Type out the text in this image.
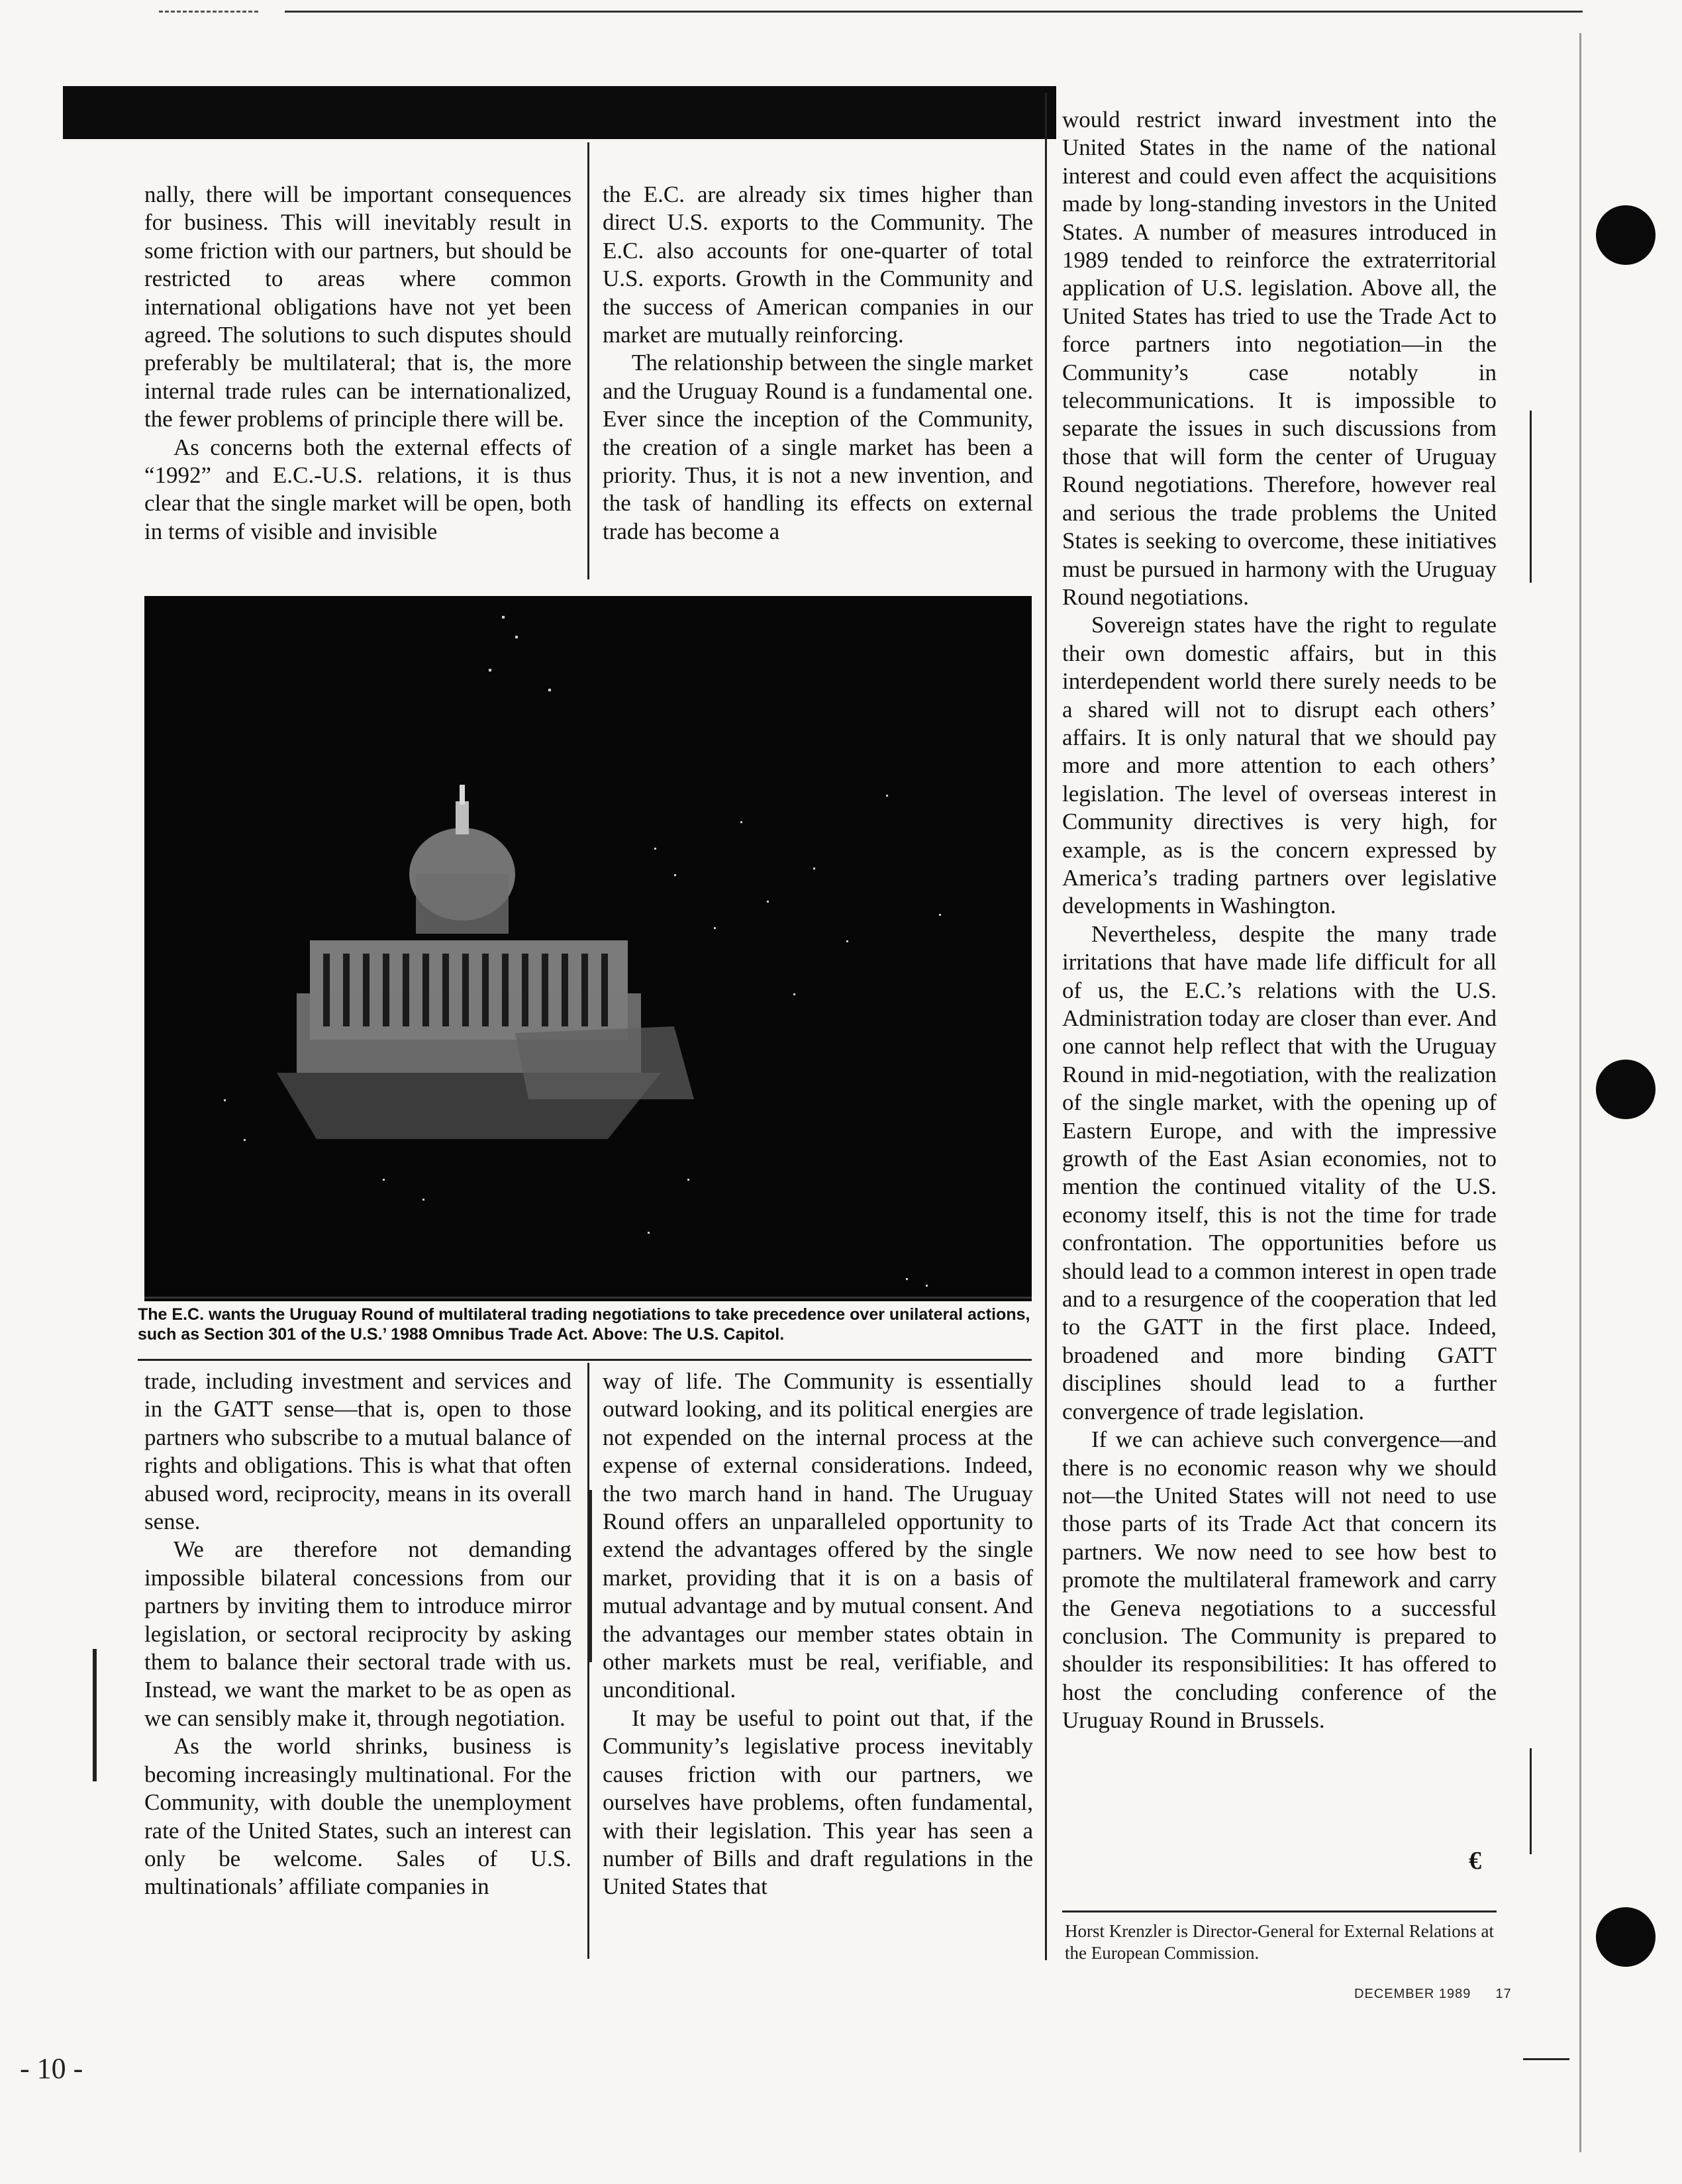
nally, there will be important consequences for business. This will inevitably result in some friction with our partners, but should be restricted to areas where common international obligations have not yet been agreed. The solutions to such disputes should preferably be multilateral; that is, the more internal trade rules can be internationalized, the fewer problems of principle there will be.

As concerns both the external effects of “1992” and E.C.-U.S. relations, it is thus clear that the single market will be open, both in terms of visible and invisible

the E.C. are already six times higher than direct U.S. exports to the Community. The E.C. also accounts for one-quarter of total U.S. exports. Growth in the Community and the success of American companies in our market are mutually reinforcing.

The relationship between the single market and the Uruguay Round is a fundamental one. Ever since the inception of the Community, the creation of a single market has been a priority. Thus, it is not a new invention, and the task of handling its effects on external trade has become a

would restrict inward investment into the United States in the name of the national interest and could even affect the acquisitions made by long-standing investors in the United States. A number of measures introduced in 1989 tended to reinforce the extraterritorial application of U.S. legislation. Above all, the United States has tried to use the Trade Act to force partners into negotiation—in the Community’s case notably in telecommunications. It is impossible to separate the issues in such discussions from those that will form the center of Uruguay Round negotiations. Therefore, however real and serious the trade problems the United States is seeking to overcome, these initiatives must be pursued in harmony with the Uruguay Round negotiations.

Sovereign states have the right to regulate their own domestic affairs, but in this interdependent world there surely needs to be a shared will not to disrupt each others’ affairs. It is only natural that we should pay more and more attention to each others’ legislation. The level of overseas interest in Community directives is very high, for example, as is the concern expressed by America’s trading partners over legislative developments in Washington.

Nevertheless, despite the many trade irritations that have made life difficult for all of us, the E.C.’s relations with the U.S. Administration today are closer than ever. And one cannot help reflect that with the Uruguay Round in mid-negotiation, with the realization of the single market, with the opening up of Eastern Europe, and with the impressive growth of the East Asian economies, not to mention the continued vitality of the U.S. economy itself, this is not the time for trade confrontation. The opportunities before us should lead to a common interest in open trade and to a resurgence of the cooperation that led to the GATT in the first place. Indeed, broadened and more binding GATT disciplines should lead to a further convergence of trade legislation.

If we can achieve such convergence—and there is no economic reason why we should not—the United States will not need to use those parts of its Trade Act that concern its partners. We now need to see how best to promote the multilateral framework and carry the Geneva negotiations to a successful conclusion. The Community is prepared to shoulder its responsibilities: It has offered to host the concluding conference of the Uruguay Round in Brussels.

€
The E.C. wants the Uruguay Round of multilateral trading negotiations to take precedence over unilateral actions, such as Section 301 of the U.S.’ 1988 Omnibus Trade Act. Above: The U.S. Capitol.

trade, including investment and services and in the GATT sense—that is, open to those partners who subscribe to a mutual balance of rights and obligations. This is what that often abused word, reciprocity, means in its overall sense.

We are therefore not demanding impossible bilateral concessions from our partners by inviting them to introduce mirror legislation, or sectoral reciprocity by asking them to balance their sectoral trade with us. Instead, we want the market to be as open as we can sensibly make it, through negotiation.

As the world shrinks, business is becoming increasingly multinational. For the Community, with double the unemployment rate of the United States, such an interest can only be welcome. Sales of U.S. multinationals’ affiliate companies in

way of life. The Community is essentially outward looking, and its political energies are not expended on the internal process at the expense of external considerations. Indeed, the two march hand in hand. The Uruguay Round offers an unparalleled opportunity to extend the advantages offered by the single market, providing that it is on a basis of mutual advantage and by mutual consent. And the advantages our member states obtain in other markets must be real, verifiable, and unconditional.

It may be useful to point out that, if the Community’s legislative process inevitably causes friction with our partners, we ourselves have problems, often fundamental, with their legislation. This year has seen a number of Bills and draft regulations in the United States that

Horst Krenzler is Director-General for External Relations at the European Commission.
DECEMBER 1989 17
- 10 -
